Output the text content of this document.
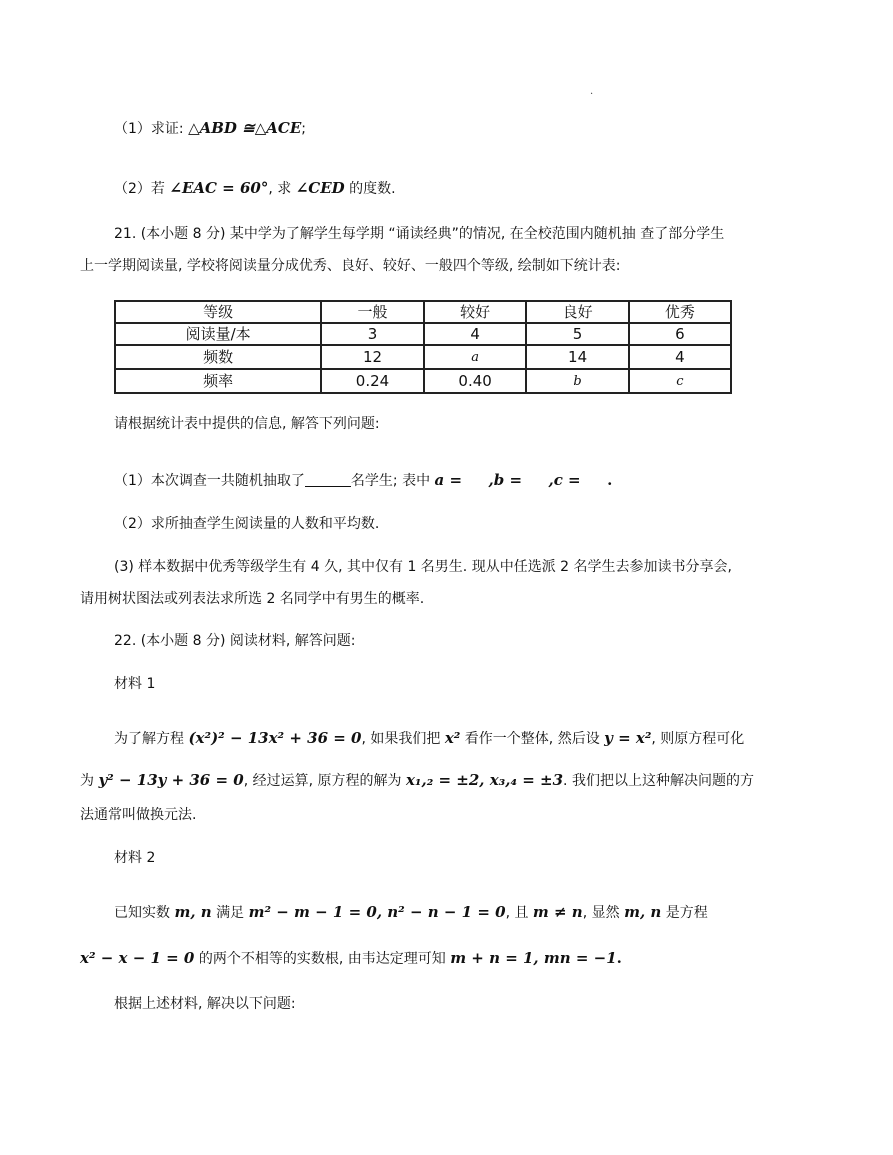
.
（1）求证: △ABD ≅△ACE;
（2）若 ∠EAC = 60°, 求 ∠CED 的度数.
21. (本小题 8 分) 某中学为了解学生每学期 “诵读经典”的情况, 在全校范围内随机抽 查了部分学生
上一学期阅读量, 学校将阅读量分成优秀、良好、较好、一般四个等级, 绘制如下统计表:
等级	一般	较好	良好	优秀
阅读量/本	3	4	5	6
频数	12	a	14	4
频率	0.24	0.40	b	c
请根据统计表中提供的信息, 解答下列问题:
（1）本次调查一共随机抽取了	名学生; 表中 a = ,b = ,c = .
（2）求所抽查学生阅读量的人数和平均数.
(3) 样本数据中优秀等级学生有 4 久, 其中仅有 1 名男生. 现从中任选派 2 名学生去参加读书分享会,
请用树状图法或列表法求所选 2 名同学中有男生的概率.
22. (本小题 8 分) 阅读材料, 解答问题:
材料 1
为了解方程 (x²)² − 13x² + 36 = 0, 如果我们把 x² 看作一个整体, 然后设 y = x², 则原方程可化
为 y² − 13y + 36 = 0, 经过运算, 原方程的解为 x₁,₂ = ±2, x₃,₄ = ±3. 我们把以上这种解决问题的方
法通常叫做换元法.
材料 2
已知实数 m, n 满足 m² − m − 1 = 0, n² − n − 1 = 0, 且 m ≠ n, 显然 m, n 是方程
x² − x − 1 = 0 的两个不相等的实数根, 由韦达定理可知 m + n = 1, mn = −1.
根据上述材料, 解决以下问题:
